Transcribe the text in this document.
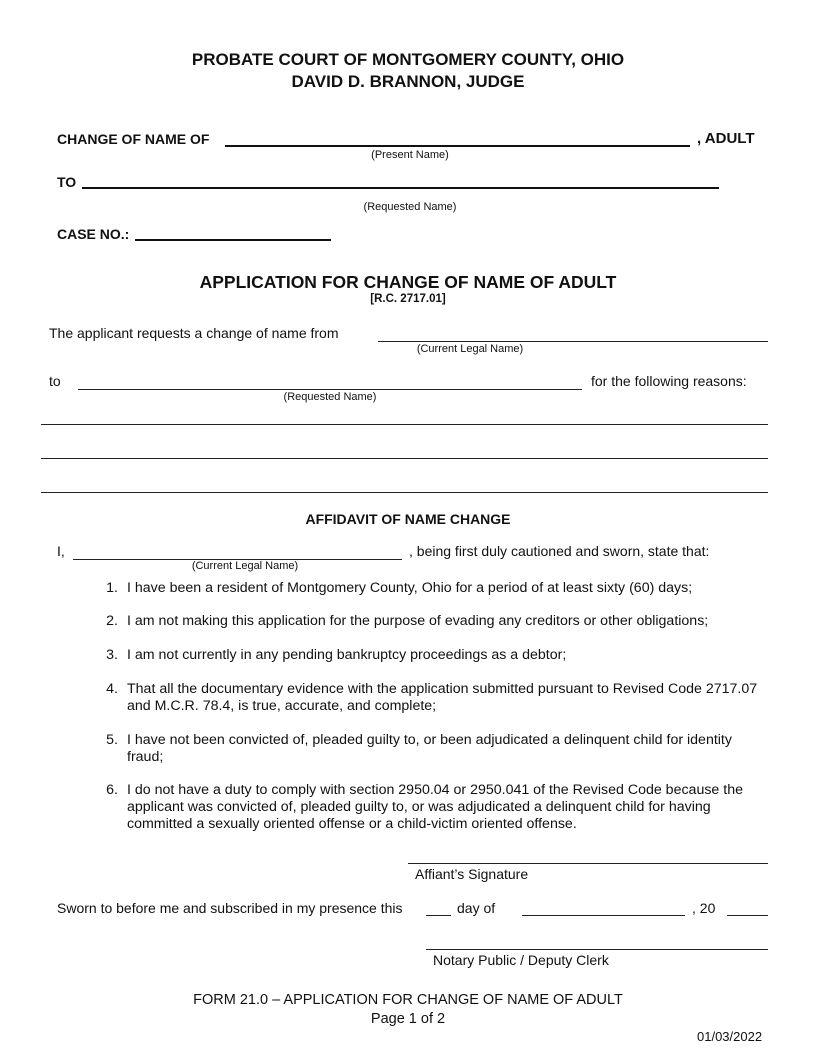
PROBATE COURT OF MONTGOMERY COUNTY, OHIO
DAVID D. BRANNON, JUDGE
CHANGE OF NAME OF	, ADULT
(Present Name)
TO
(Requested Name)
CASE NO.:
APPLICATION FOR CHANGE OF NAME OF ADULT
[R.C. 2717.01]
The applicant requests a change of name from
(Current Legal Name)
to	for the following reasons:
(Requested Name)
AFFIDAVIT OF NAME CHANGE
I,	, being first duly cautioned and sworn, state that:
(Current Legal Name)
1. I have been a resident of Montgomery County, Ohio for a period of at least sixty (60) days;
2. I am not making this application for the purpose of evading any creditors or other obligations;
3. I am not currently in any pending bankruptcy proceedings as a debtor;
4. That all the documentary evidence with the application submitted pursuant to Revised Code 2717.07 and M.C.R. 78.4, is true, accurate, and complete;
5. I have not been convicted of, pleaded guilty to, or been adjudicated a delinquent child for identity fraud;
6. I do not have a duty to comply with section 2950.04 or 2950.041 of the Revised Code because the applicant was convicted of, pleaded guilty to, or was adjudicated a delinquent child for having committed a sexually oriented offense or a child-victim oriented offense.
Affiant’s Signature
Sworn to before me and subscribed in my presence this	day of	, 20
Notary Public / Deputy Clerk
FORM 21.0 – APPLICATION FOR CHANGE OF NAME OF ADULT
Page 1 of 2
01/03/2022
